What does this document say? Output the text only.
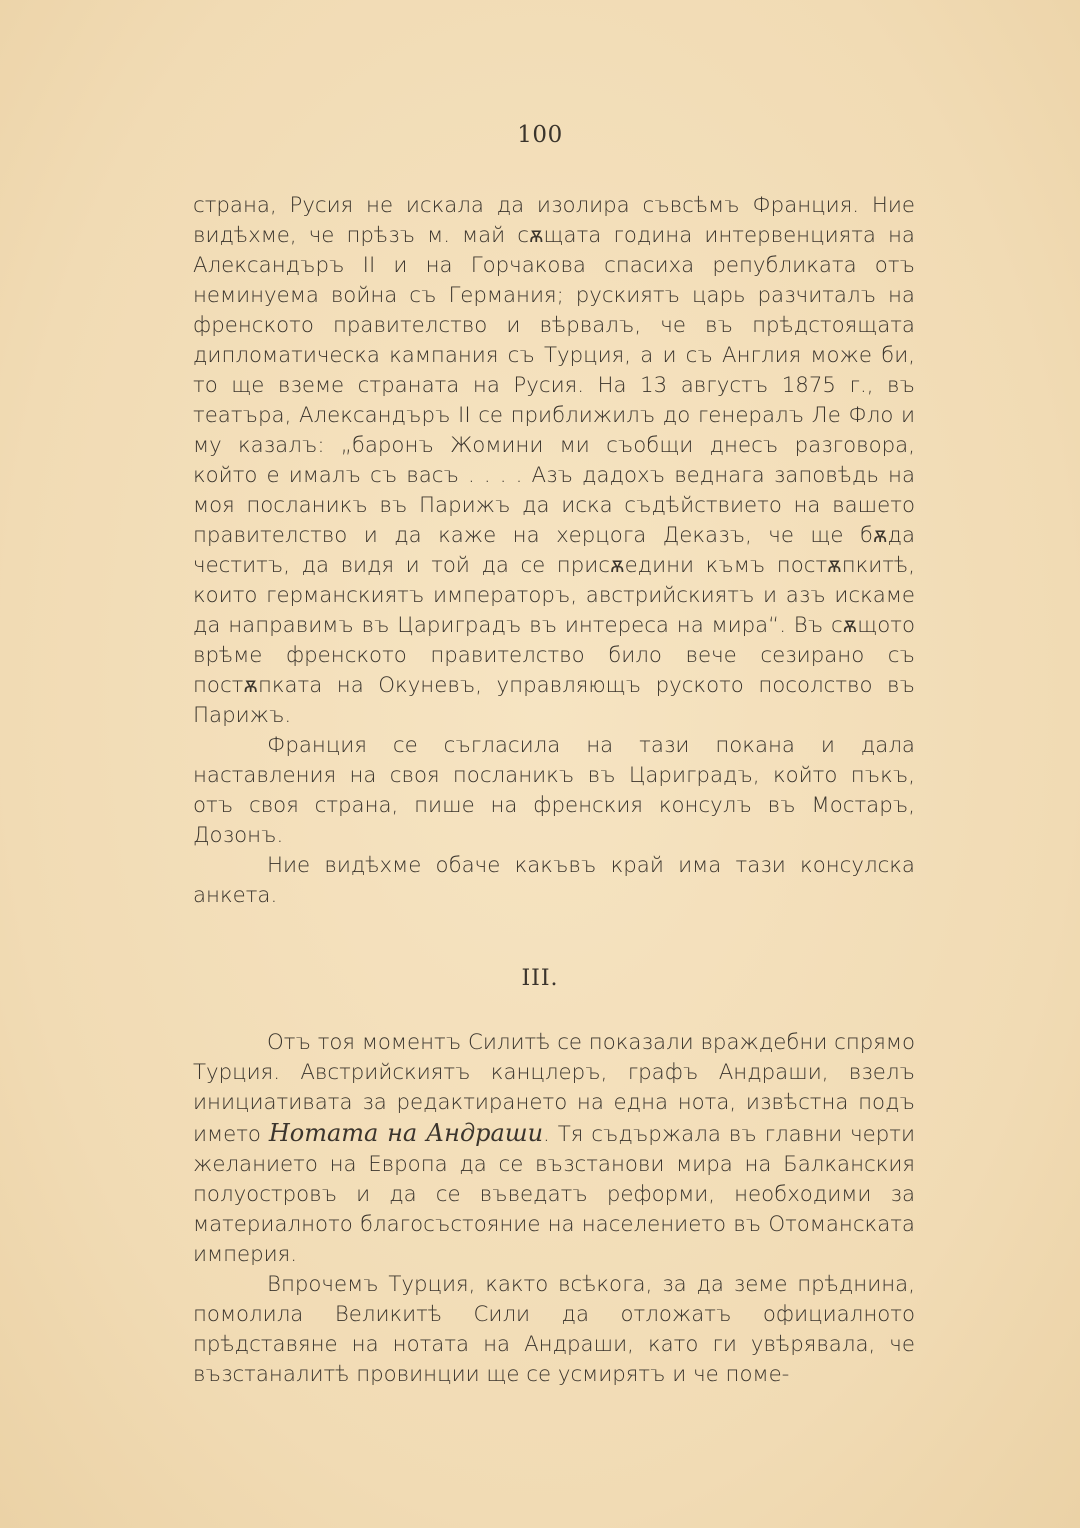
100

страна, Русия не искала да изолира съвсѣмъ Франция. Ние видѣхме, че прѣзъ м. май сѫщата година интервенцията на Александъръ II и на Горчакова спасиха републиката отъ неминуема война съ Германия; рускиятъ царь разчиталъ на френското правителство и вѣрвалъ, че въ прѣдстоящата дипломатическа кампания съ Турция, а и съ Англия може би, то ще вземе страната на Русия. На 13 августъ 1875 г., въ театъра, Александъръ II се приближилъ до генералъ Ле Фло и му казалъ: „баронъ Жомини ми съобщи днесъ разговора, който е ималъ съ васъ . . . . Азъ дадохъ веднага заповѣдь на моя посланикъ въ Парижъ да иска съдѣйствието на вашето правителство и да каже на херцога Деказъ, че ще бѫда честитъ, да видя и той да се присѫедини къмъ постѫпкитѣ, които германскиятъ императоръ, австрийскиятъ и азъ искаме да направимъ въ Цариградъ въ интереса на мира“. Въ сѫщото врѣме френското правителство било вече сезирано съ постѫпката на Окуневъ, управляющъ руското посолство въ Парижъ.

Франция се съгласила на тази покана и дала наставления на своя посланикъ въ Цариградъ, който пъкъ, отъ своя страна, пише на френския консулъ въ Мостаръ, Дозонъ.

Ние видѣхме обаче какъвъ край има тази консулска анкета.

III.

Отъ тоя моментъ Силитѣ се показали враждебни спрямо Турция. Австрийскиятъ канцлеръ, графъ Андраши, взелъ инициативата за редактирането на една нота, извѣстна подъ името Нотата на Андраши. Тя съдържала въ главни черти желанието на Европа да се възстанови мира на Балканския полуостровъ и да се въведатъ реформи, необходими за материалното благосъстояние на населението въ Отоманската империя.

Впрочемъ Турция, както всѣкога, за да земе прѣднина, помолила Великитѣ Сили да отложатъ официалното прѣдставяне на нотата на Андраши, като ги увѣрявала, че възстаналитѣ провинции ще се усмирятъ и че поме-
